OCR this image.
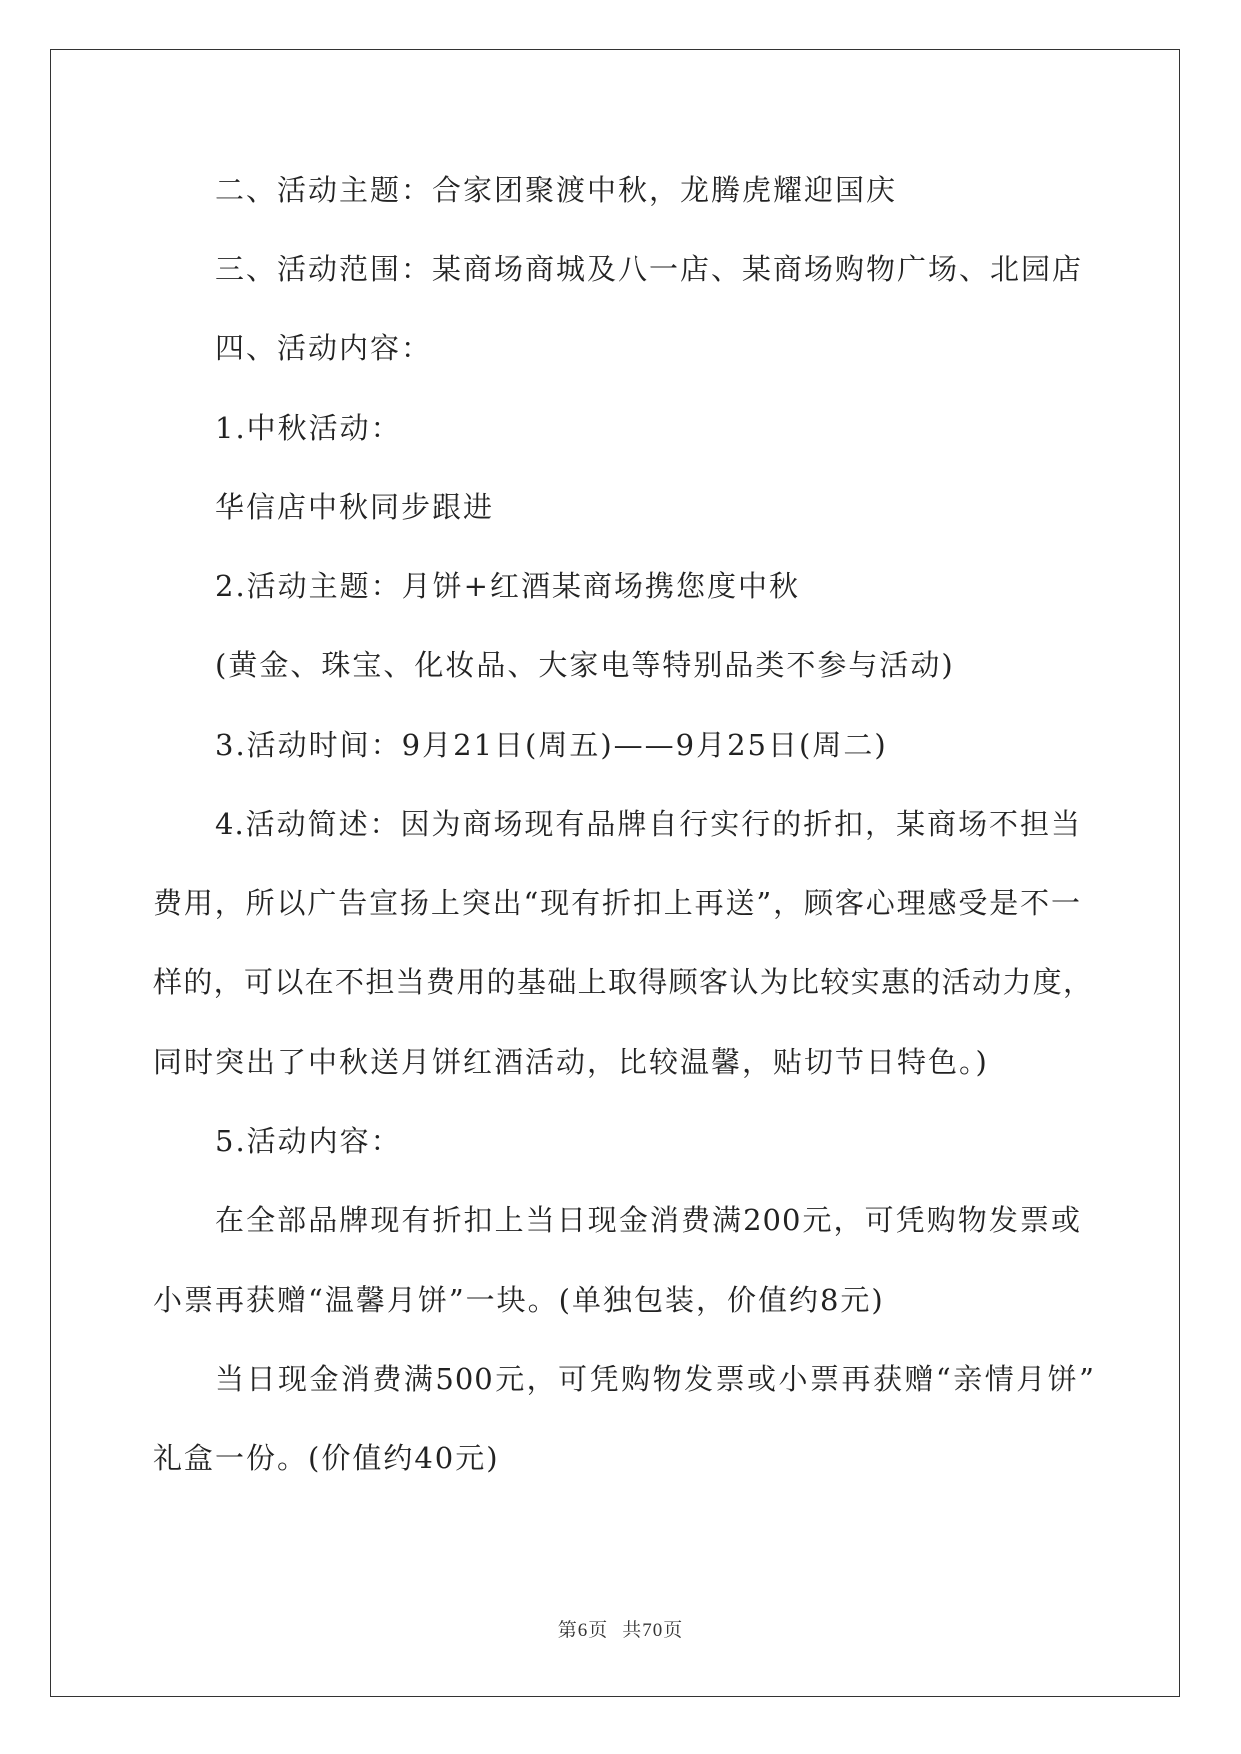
二、活动主题：合家团聚渡中秋，龙腾虎耀迎国庆
三、活动范围：某商场商城及八一店、某商场购物广场、北园店
四、活动内容：
1.中秋活动：
华信店中秋同步跟进
2.活动主题：月饼+红酒某商场携您度中秋
(黄金、珠宝、化妆品、大家电等特别品类不参与活动)
3.活动时间：9月21日(周五)——9月25日(周二)
4.活动简述：因为商场现有品牌自行实行的折扣，某商场不担当
费用，所以广告宣扬上突出“现有折扣上再送”，顾客心理感受是不一
样的，可以在不担当费用的基础上取得顾客认为比较实惠的活动力度，
同时突出了中秋送月饼红酒活动，比较温馨，贴切节日特色。)
5.活动内容：
在全部品牌现有折扣上当日现金消费满200元，可凭购物发票或
小票再获赠“温馨月饼”一块。(单独包装，价值约8元)
当日现金消费满500元，可凭购物发票或小票再获赠“亲情月饼”
礼盒一份。(价值约40元)
第6页 共70页
